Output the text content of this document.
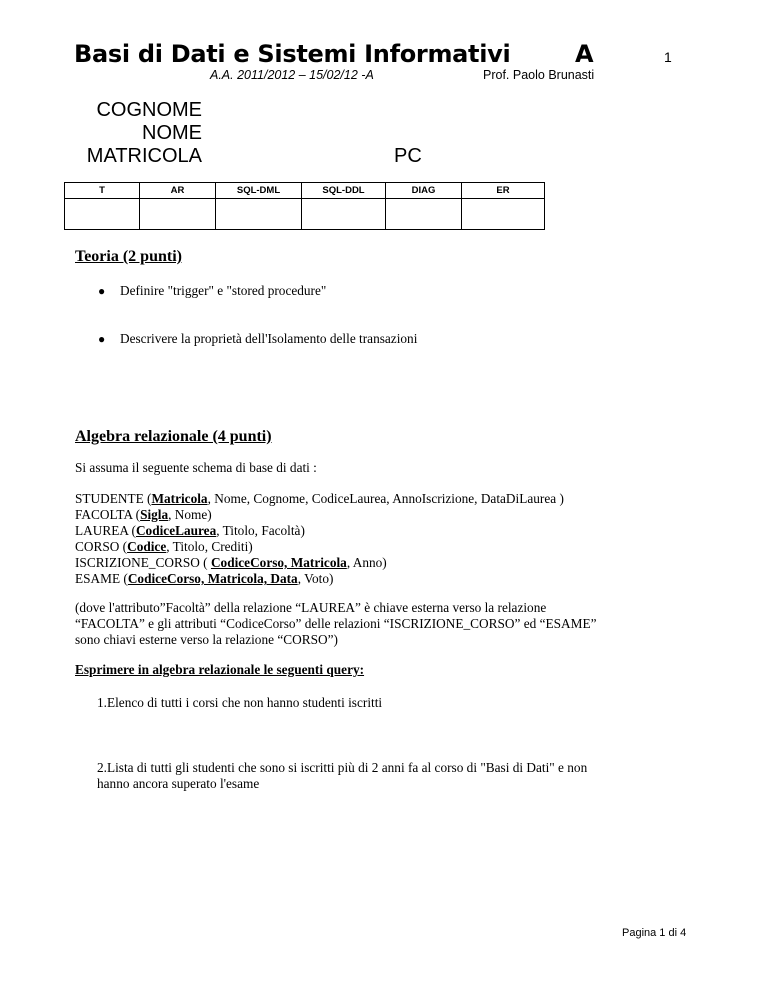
Basi di Dati e Sistemi Informativi	A	1
A.A. 2011/2012 – 15/02/12 -A	Prof. Paolo Brunasti
COGNOME
NOME
MATRICOLA	PC
T	AR	SQL-DML	SQL-DDL	DIAG	ER

Teoria (2 punti)
● Definire "trigger" e "stored procedure"
● Descrivere la proprietà dell'Isolamento delle transazioni
Algebra relazionale (4 punti)
Si assuma il seguente schema di base di dati :
STUDENTE (Matricola, Nome, Cognome, CodiceLaurea, AnnoIscrizione, DataDiLaurea )
FACOLTA (Sigla, Nome)
LAUREA (CodiceLaurea, Titolo, Facoltà)
CORSO (Codice, Titolo, Crediti)
ISCRIZIONE_CORSO ( CodiceCorso, Matricola, Anno)
ESAME (CodiceCorso, Matricola, Data, Voto)
(dove l'attributo”Facoltà” della relazione “LAUREA” è chiave esterna verso la relazione
“FACOLTA” e gli attributi “CodiceCorso” delle relazioni “ISCRIZIONE_CORSO” ed “ESAME”
sono chiavi esterne verso la relazione “CORSO”)
Esprimere in algebra relazionale le seguenti query:
1.Elenco di tutti i corsi che non hanno studenti iscritti
2.Lista di tutti gli studenti che sono si iscritti più di 2 anni fa al corso di "Basi di Dati" e non
hanno ancora superato l'esame
Pagina 1 di 4
